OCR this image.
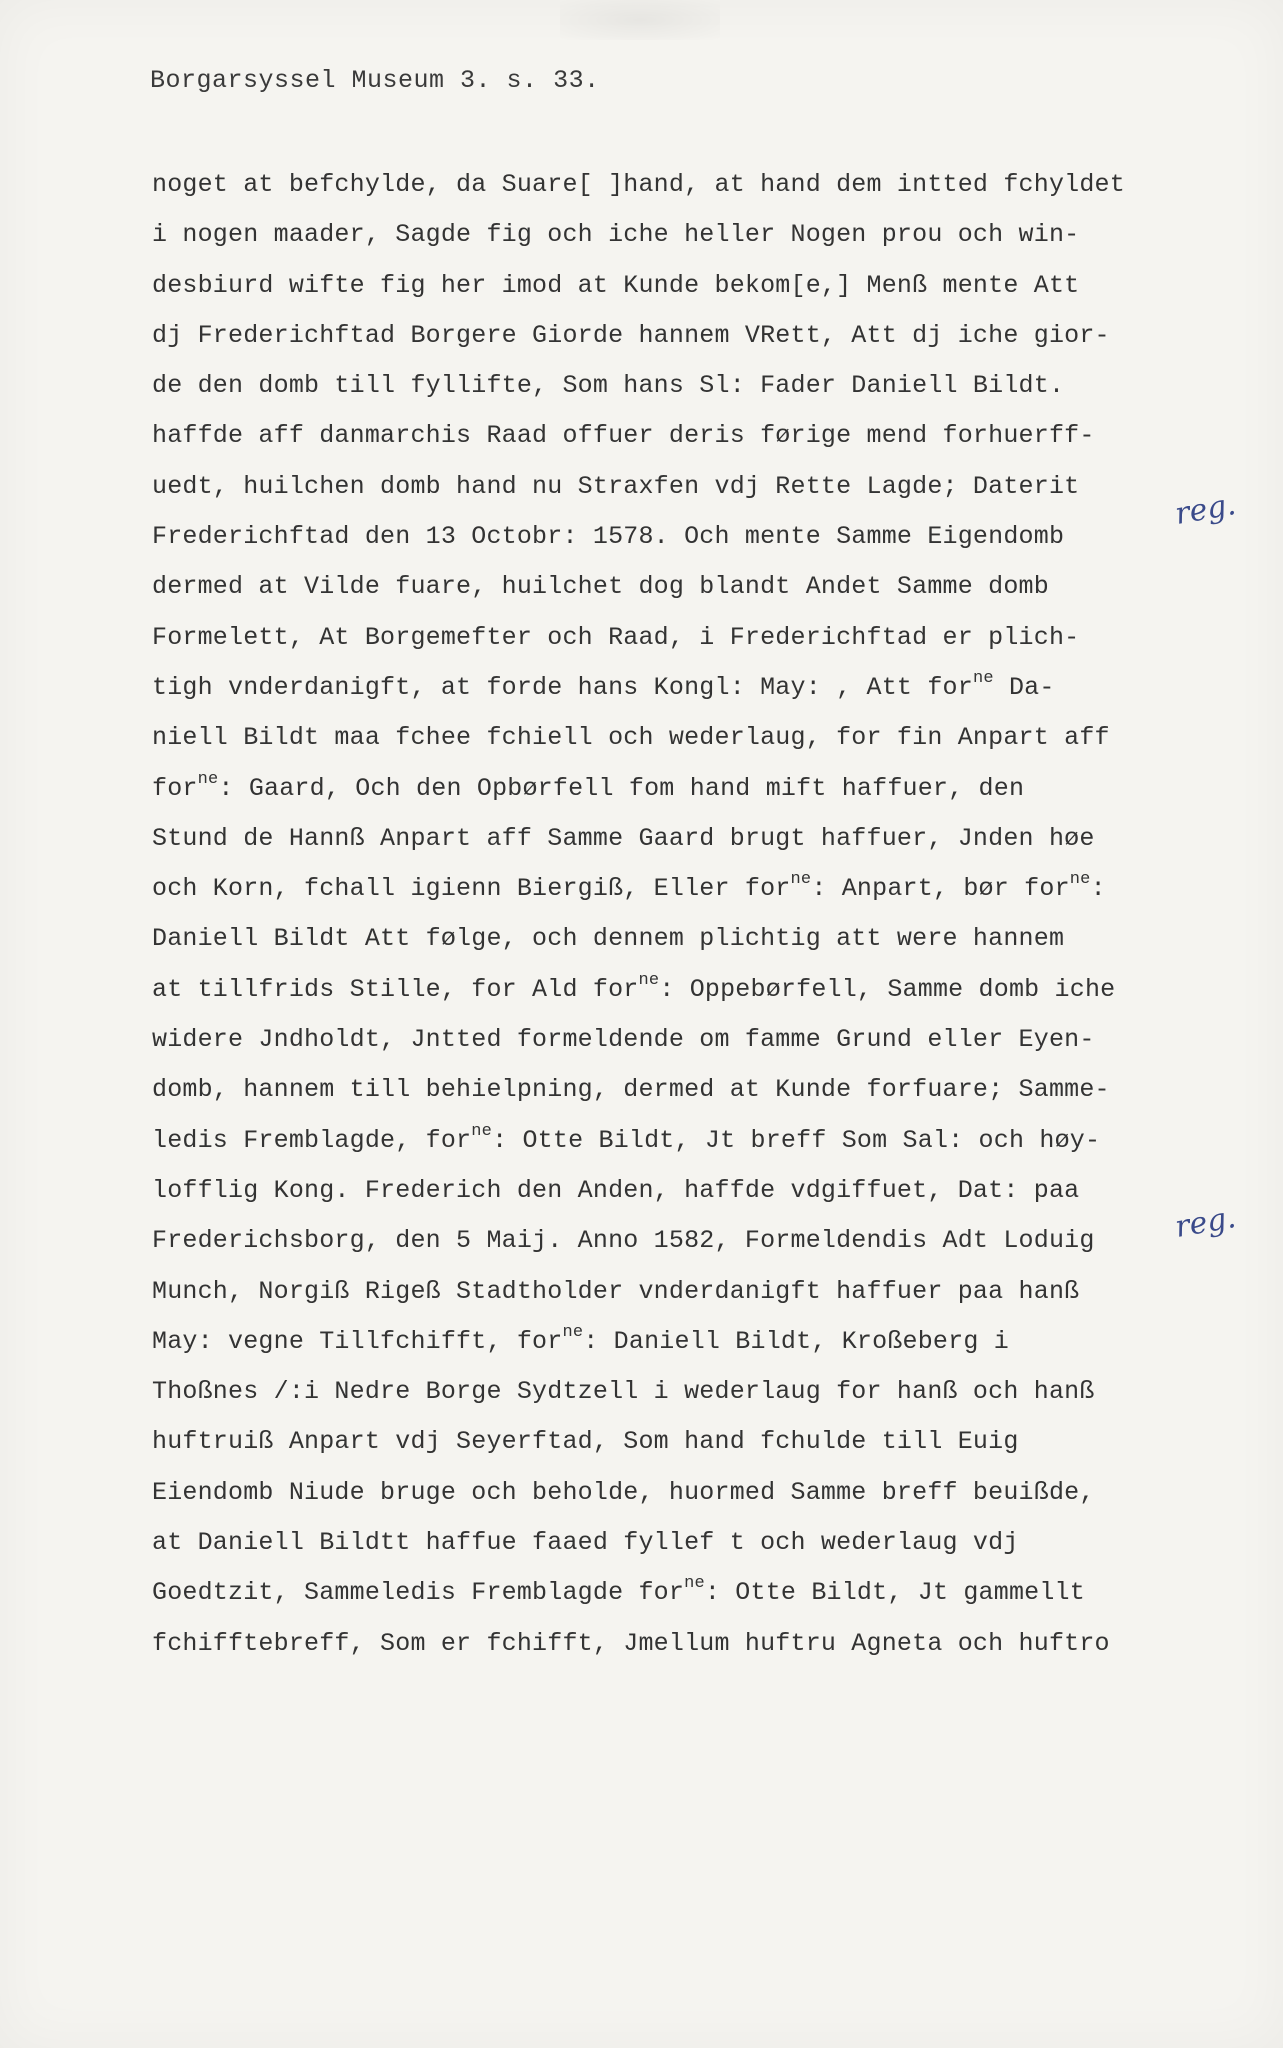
Borgarsyssel Museum 3. s. 33.
noget at befchylde, da Suare[ ]hand, at hand dem intted fchyldet
i nogen maader, Sagde fig och iche heller Nogen prou och win-
desbiurd wifte fig her imod at Kunde bekom[e,] Menß mente Att
dj Frederichftad Borgere Giorde hannem VRett, Att dj iche gior-
de den domb till fyllifte, Som hans Sl: Fader Daniell Bildt.
haffde aff danmarchis Raad offuer deris førige mend forhuerff-
uedt, huilchen domb hand nu Straxfen vdj Rette Lagde; Daterit
Frederichftad den 13 Octobr: 1578. Och mente Samme Eigendomb
dermed at Vilde fuare, huilchet dog blandt Andet Samme domb
Formelett, At Borgemefter och Raad, i Frederichftad er plich-
tigh vnderdanigft, at forde hans Kongl: May: , Att for$^{ne}$ Da-
niell Bildt maa fchee fchiell och wederlaug, for fin Anpart aff
for$^{ne}$: Gaard, Och den Opbørfell fom hand mift haffuer, den
Stund de Hannß Anpart aff Samme Gaard brugt haffuer, Jnden høe
och Korn, fchall igienn Biergiß, Eller for$^{ne}$: Anpart, bør for$^{ne}$:
Daniell Bildt Att følge, och dennem plichtig att were hannem
at tillfrids Stille, for Ald for$^{ne}$: Oppebørfell, Samme domb iche
widere Jndholdt, Jntted formeldende om famme Grund eller Eyen-
domb, hannem till behielpning, dermed at Kunde forfuare; Samme-
ledis Fremblagde, for$^{ne}$: Otte Bildt, Jt breff Som Sal: och høy-
lofflig Kong. Frederich den Anden, haffde vdgiffuet, Dat: paa
Frederichsborg, den 5 Maij. Anno 1582, Formeldendis Adt Loduig
Munch, Norgiß Rigeß Stadtholder vnderdanigft haffuer paa hanß
May: vegne Tillfchifft, for$^{ne}$: Daniell Bildt, Kroßeberg i
Thoßnes /:i Nedre Borge Sydtzell i wederlaug for hanß och hanß
huftruiß Anpart vdj Seyerftad, Som hand fchulde till Euig
Eiendomb Niude bruge och beholde, huormed Samme breff beuißde,
at Daniell Bildtt haffue faaed fyllef t och wederlaug vdj
Goedtzit, Sammeledis Fremblagde for$^{ne}$: Otte Bildt, Jt gammellt
fchifftebreff, Som er fchifft, Jmellum huftru Agneta och huftro
reg.
reg.
